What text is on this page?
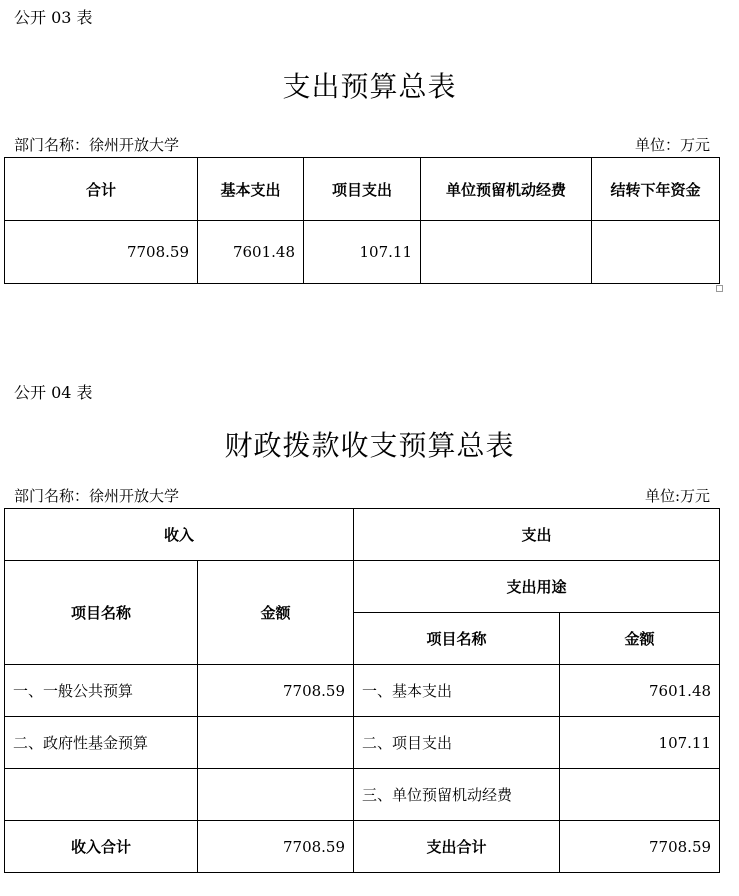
公开 03 表
支出预算总表
部门名称：徐州开放大学	单位：万元
合计	基本支出	项目支出	单位预留机动经费	结转下年资金
7708.59	7601.48	107.11		
公开 04 表
财政拨款收支预算总表
部门名称：徐州开放大学	单位:万元
收入		支出	
项目名称	金额	支出用途	
		项目名称	金额
一、一般公共预算	7708.59	一、基本支出	7601.48
二、政府性基金预算		二、项目支出	107.11
		三、单位预留机动经费	
收入合计	7708.59	支出合计	7708.59
